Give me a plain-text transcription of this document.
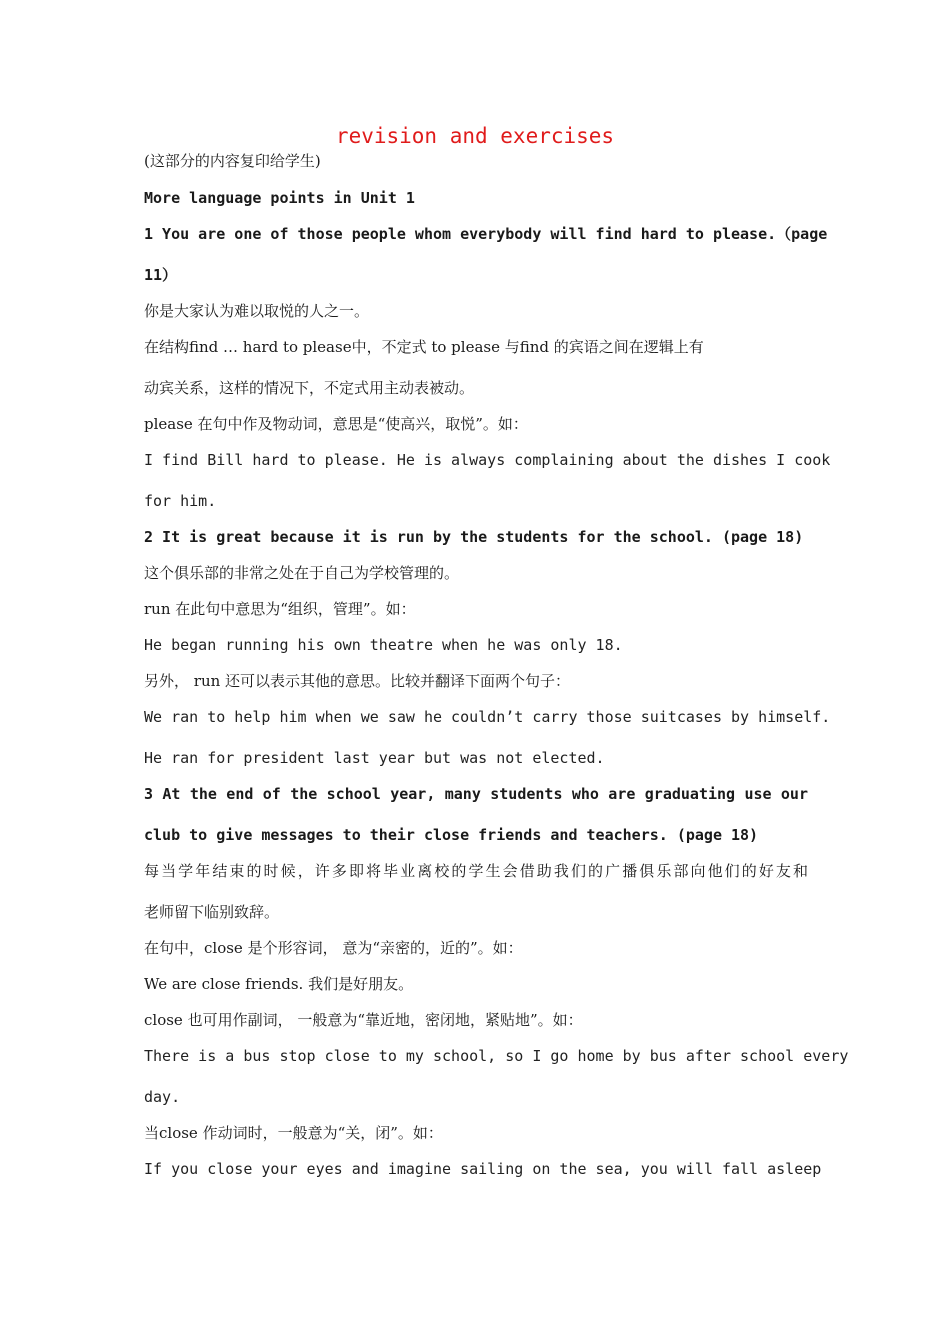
revision and exercises
(这部分的内容复印给学生)
More language points in Unit 1
1 You are one of those people whom everybody will find hard to please.（page
11）
你是大家认为难以取悦的人之一。
在结构find … hard to please中，不定式 to please 与find 的宾语之间在逻辑上有
动宾关系，这样的情况下，不定式用主动表被动。
please 在句中作及物动词，意思是“使高兴，取悦”。如：
I find Bill hard to please. He is always complaining about the dishes I cook
for him.
2 It is great because it is run by the students for the school. (page 18)
这个俱乐部的非常之处在于自己为学校管理的。
run 在此句中意思为“组织，管理”。如：
He began running his own theatre when he was only 18.
另外， run 还可以表示其他的意思。比较并翻译下面两个句子：
We ran to help him when we saw he couldn’t carry those suitcases by himself.
He ran for president last year but was not elected.
3 At the end of the school year, many students who are graduating use our
club to give messages to their close friends and teachers. (page 18)
每当学年结束的时候，许多即将毕业离校的学生会借助我们的广播俱乐部向他们的好友和
老师留下临别致辞。
在句中，close 是个形容词， 意为“亲密的，近的”。如：
We are close friends. 我们是好朋友。
close 也可用作副词， 一般意为“靠近地，密闭地，紧贴地”。如：
There is a bus stop close to my school, so I go home by bus after school every
day.
当close 作动词时，一般意为“关，闭”。如：
If you close your eyes and imagine sailing on the sea, you will fall asleep
